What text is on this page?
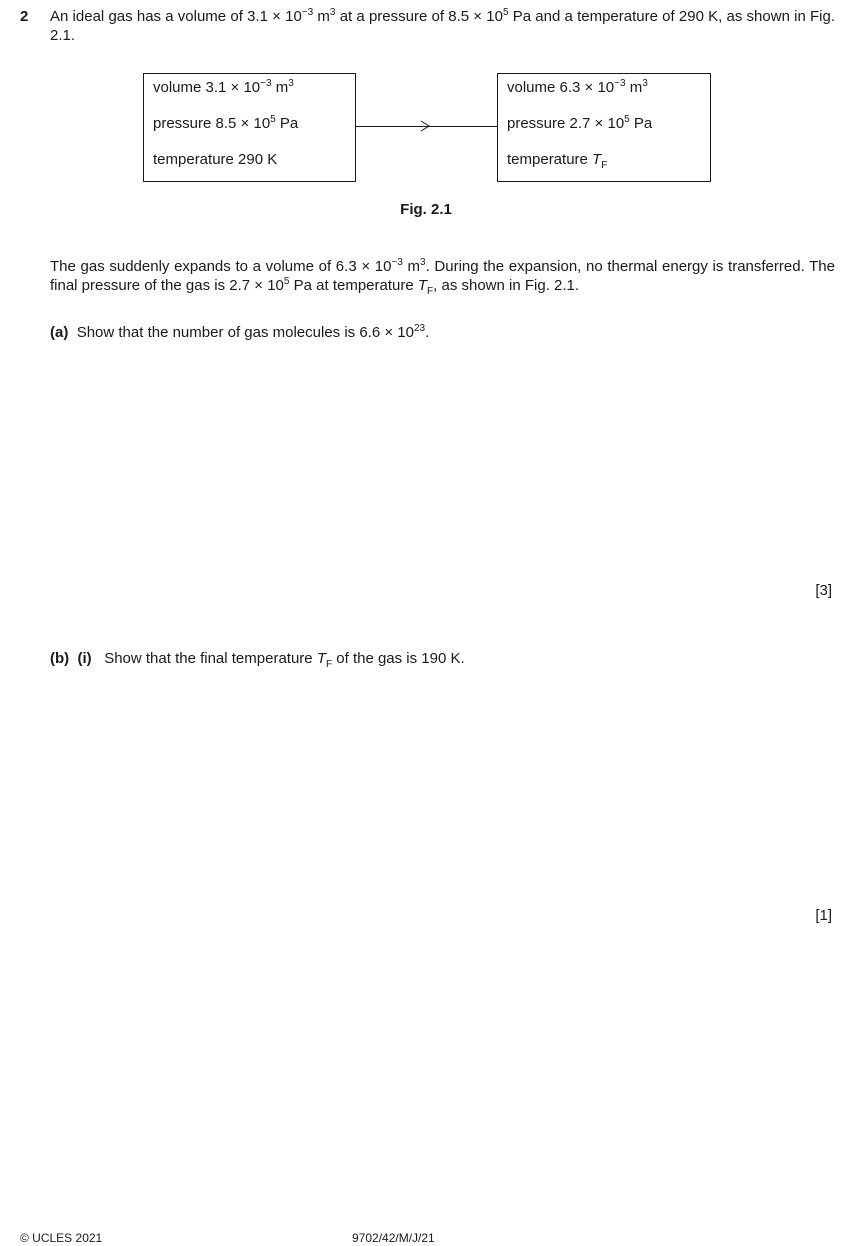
2 An ideal gas has a volume of $3.1 \times 10^{-3}$ $m^3$ at a pressure of $8.5 \times 10^5$ Pa and a temperature of 290 K, as shown in Fig. 2.1.
volume $3.1 \times 10^{-3}$ $m^3$
pressure $8.5 \times 10^5$ Pa
temperature 290 K
volume $6.3 \times 10^{-3}$ $m^3$
pressure $2.7 \times 10^5$ Pa
temperature $T_F$
Fig. 2.1
The gas suddenly expands to a volume of $6.3 \times 10^{-3}$ $m^3$. During the expansion, no thermal energy is transferred. The final pressure of the gas is $2.7 \times 10^5$ Pa at temperature $T_F$, as shown in Fig. 2.1.
(a) Show that the number of gas molecules is $6.6 \times 10^{23}$.
[3]
(b) (i) Show that the final temperature $T_F$ of the gas is 190 K.
[1]
© UCLES 2021	9702/42/M/J/21
